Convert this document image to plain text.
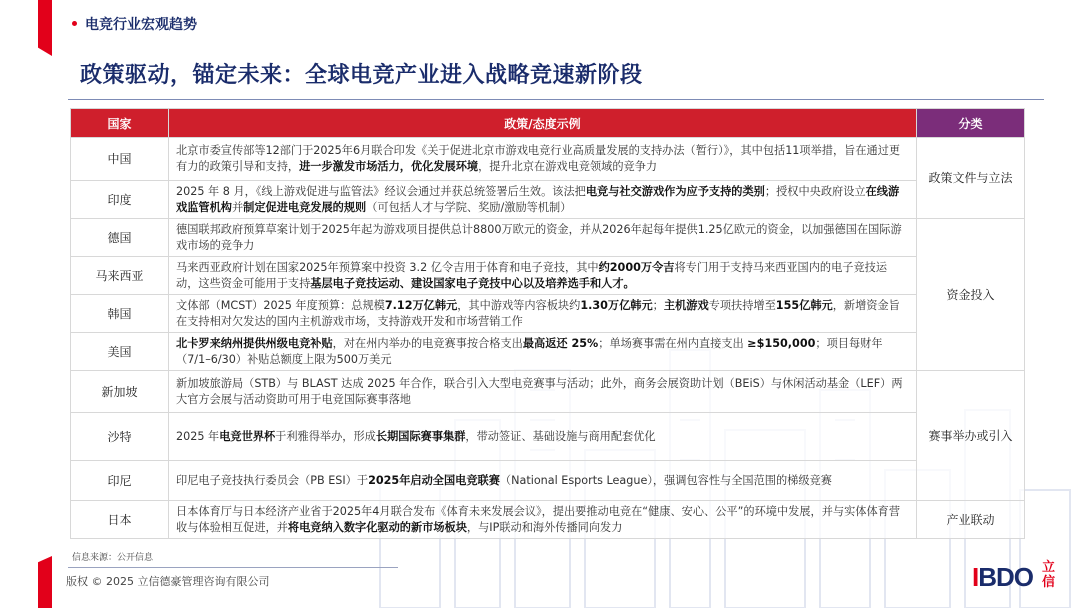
电竞行业宏观趋势
政策驱动，锚定未来：全球电竞产业进入战略竞速新阶段
国家	政策/态度示例	分类
中国	北京市委宣传部等12部门于2025年6月联合印发《关于促进北京市游戏电竞行业高质量发展的支持办法（暂行）》，其中包括11项举措，旨在通过更有力的政策引导和支持，进一步激发市场活力，优化发展环境，提升北京在游戏电竞领域的竞争力	政策文件与立法
印度	2025 年 8 月，《线上游戏促进与监管法》经议会通过并获总统签署后生效。该法把电竞与社交游戏作为应予支持的类别；授权中央政府设立在线游戏监管机构并制定促进电竞发展的规则（可包括人才与学院、奖励/激励等机制）	
德国	德国联邦政府预算草案计划于2025年起为游戏项目提供总计8800万欧元的资金，并从2026年起每年提供1.25亿欧元的资金，以加强德国在国际游戏市场的竞争力	资金投入
马来西亚	马来西亚政府计划在国家2025年预算案中投资 3.2 亿令吉用于体育和电子竞技，其中约2000万令吉将专门用于支持马来西亚国内的电子竞技运动，这些资金可能用于支持基层电子竞技运动、建设国家电子竞技中心以及培养选手和人才。	
韩国	文体部（MCST）2025 年度预算：总规模7.12万亿韩元，其中游戏等内容板块约1.30万亿韩元；主机游戏专项扶持增至155亿韩元，新增资金旨在支持相对欠发达的国内主机游戏市场，支持游戏开发和市场营销工作	
美国	北卡罗来纳州提供州级电竞补贴，对在州内举办的电竞赛事按合格支出最高返还 25%；单场赛事需在州内直接支出 ≥$150,000；项目每财年（7/1–6/30）补贴总额度上限为500万美元	
新加坡	新加坡旅游局（STB）与 BLAST 达成 2025 年合作，联合引入大型电竞赛事与活动；此外，商务会展资助计划（BEiS）与休闲活动基金（LEF）两大官方会展与活动资助可用于电竞国际赛事落地	赛事举办或引入
沙特	2025 年电竞世界杯于利雅得举办，形成长期国际赛事集群，带动签证、基础设施与商用配套优化	
印尼	印尼电子竞技执行委员会（PB ESI）于2025年启动全国电竞联赛（National Esports League），强调包容性与全国范围的梯级竞赛	
日本	日本体育厅与日本经济产业省于2025年4月联合发布《体育未来发展会议》，提出要推动电竞在“健康、安心、公平”的环境中发展，并与实体体育营收与体验相互促进，并将电竞纳入数字化驱动的新市场板块，与IP联动和海外传播同向发力	产业联动
信息来源：公开信息
版权 © 2025 立信德豪管理咨询有限公司	IBDO 立信
